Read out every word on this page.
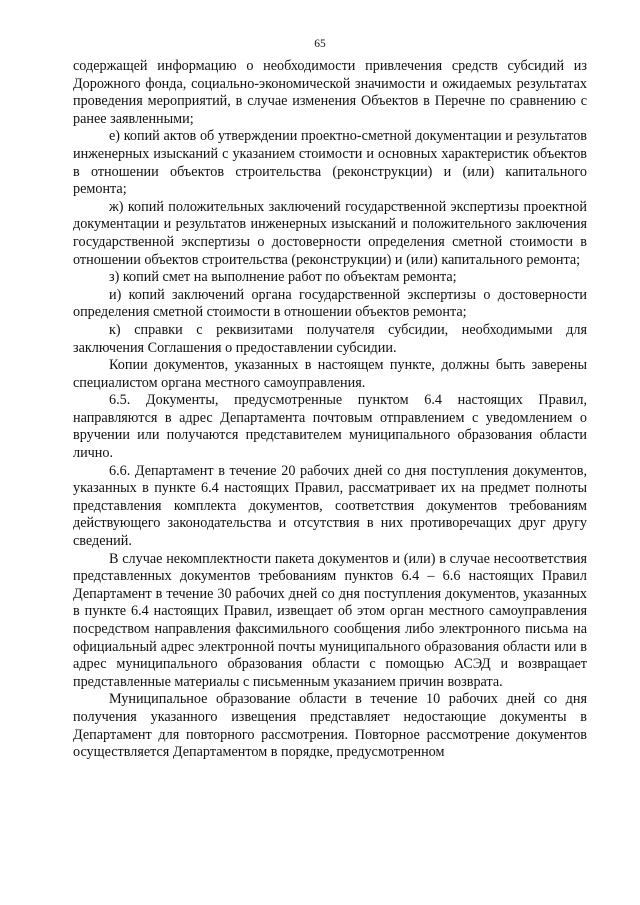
65

содержащей информацию о необходимости привлечения средств субсидий из Дорожного фонда, социально-экономической значимости и ожидаемых результатах проведения мероприятий, в случае изменения Объектов в Перечне по сравнению с ранее заявленными;

е) копий актов об утверждении проектно-сметной документации и результатов инженерных изысканий с указанием стоимости и основных характеристик объектов в отношении объектов строительства (реконструкции) и (или) капитального ремонта;

ж) копий положительных заключений государственной экспертизы проектной документации и результатов инженерных изысканий и положительного заключения государственной экспертизы о достоверности определения сметной стоимости в отношении объектов строительства (реконструкции) и (или) капитального ремонта;

з) копий смет на выполнение работ по объектам ремонта;

и) копий заключений органа государственной экспертизы о достоверности определения сметной стоимости в отношении объектов ремонта;

к) справки с реквизитами получателя субсидии, необходимыми для заключения Соглашения о предоставлении субсидии.

Копии документов, указанных в настоящем пункте, должны быть заверены специалистом органа местного самоуправления.

6.5. Документы, предусмотренные пунктом 6.4 настоящих Правил, направляются в адрес Департамента почтовым отправлением с уведомлением о вручении или получаются представителем муниципального образования области лично.

6.6. Департамент в течение 20 рабочих дней со дня поступления документов, указанных в пункте 6.4 настоящих Правил, рассматривает их на предмет полноты представления комплекта документов, соответствия документов требованиям действующего законодательства и отсутствия в них противоречащих друг другу сведений.

В случае некомплектности пакета документов и (или) в случае несоответствия представленных документов требованиям пунктов 6.4 – 6.6 настоящих Правил Департамент в течение 30 рабочих дней со дня поступления документов, указанных в пункте 6.4 настоящих Правил, извещает об этом орган местного самоуправления посредством направления факсимильного сообщения либо электронного письма на официальный адрес электронной почты муниципального образования области или в адрес муниципального образования области с помощью АСЭД и возвращает представленные материалы с письменным указанием причин возврата.

Муниципальное образование области в течение 10 рабочих дней со дня получения указанного извещения представляет недостающие документы в Департамент для повторного рассмотрения. Повторное рассмотрение документов осуществляется Департаментом в порядке, предусмотренном
